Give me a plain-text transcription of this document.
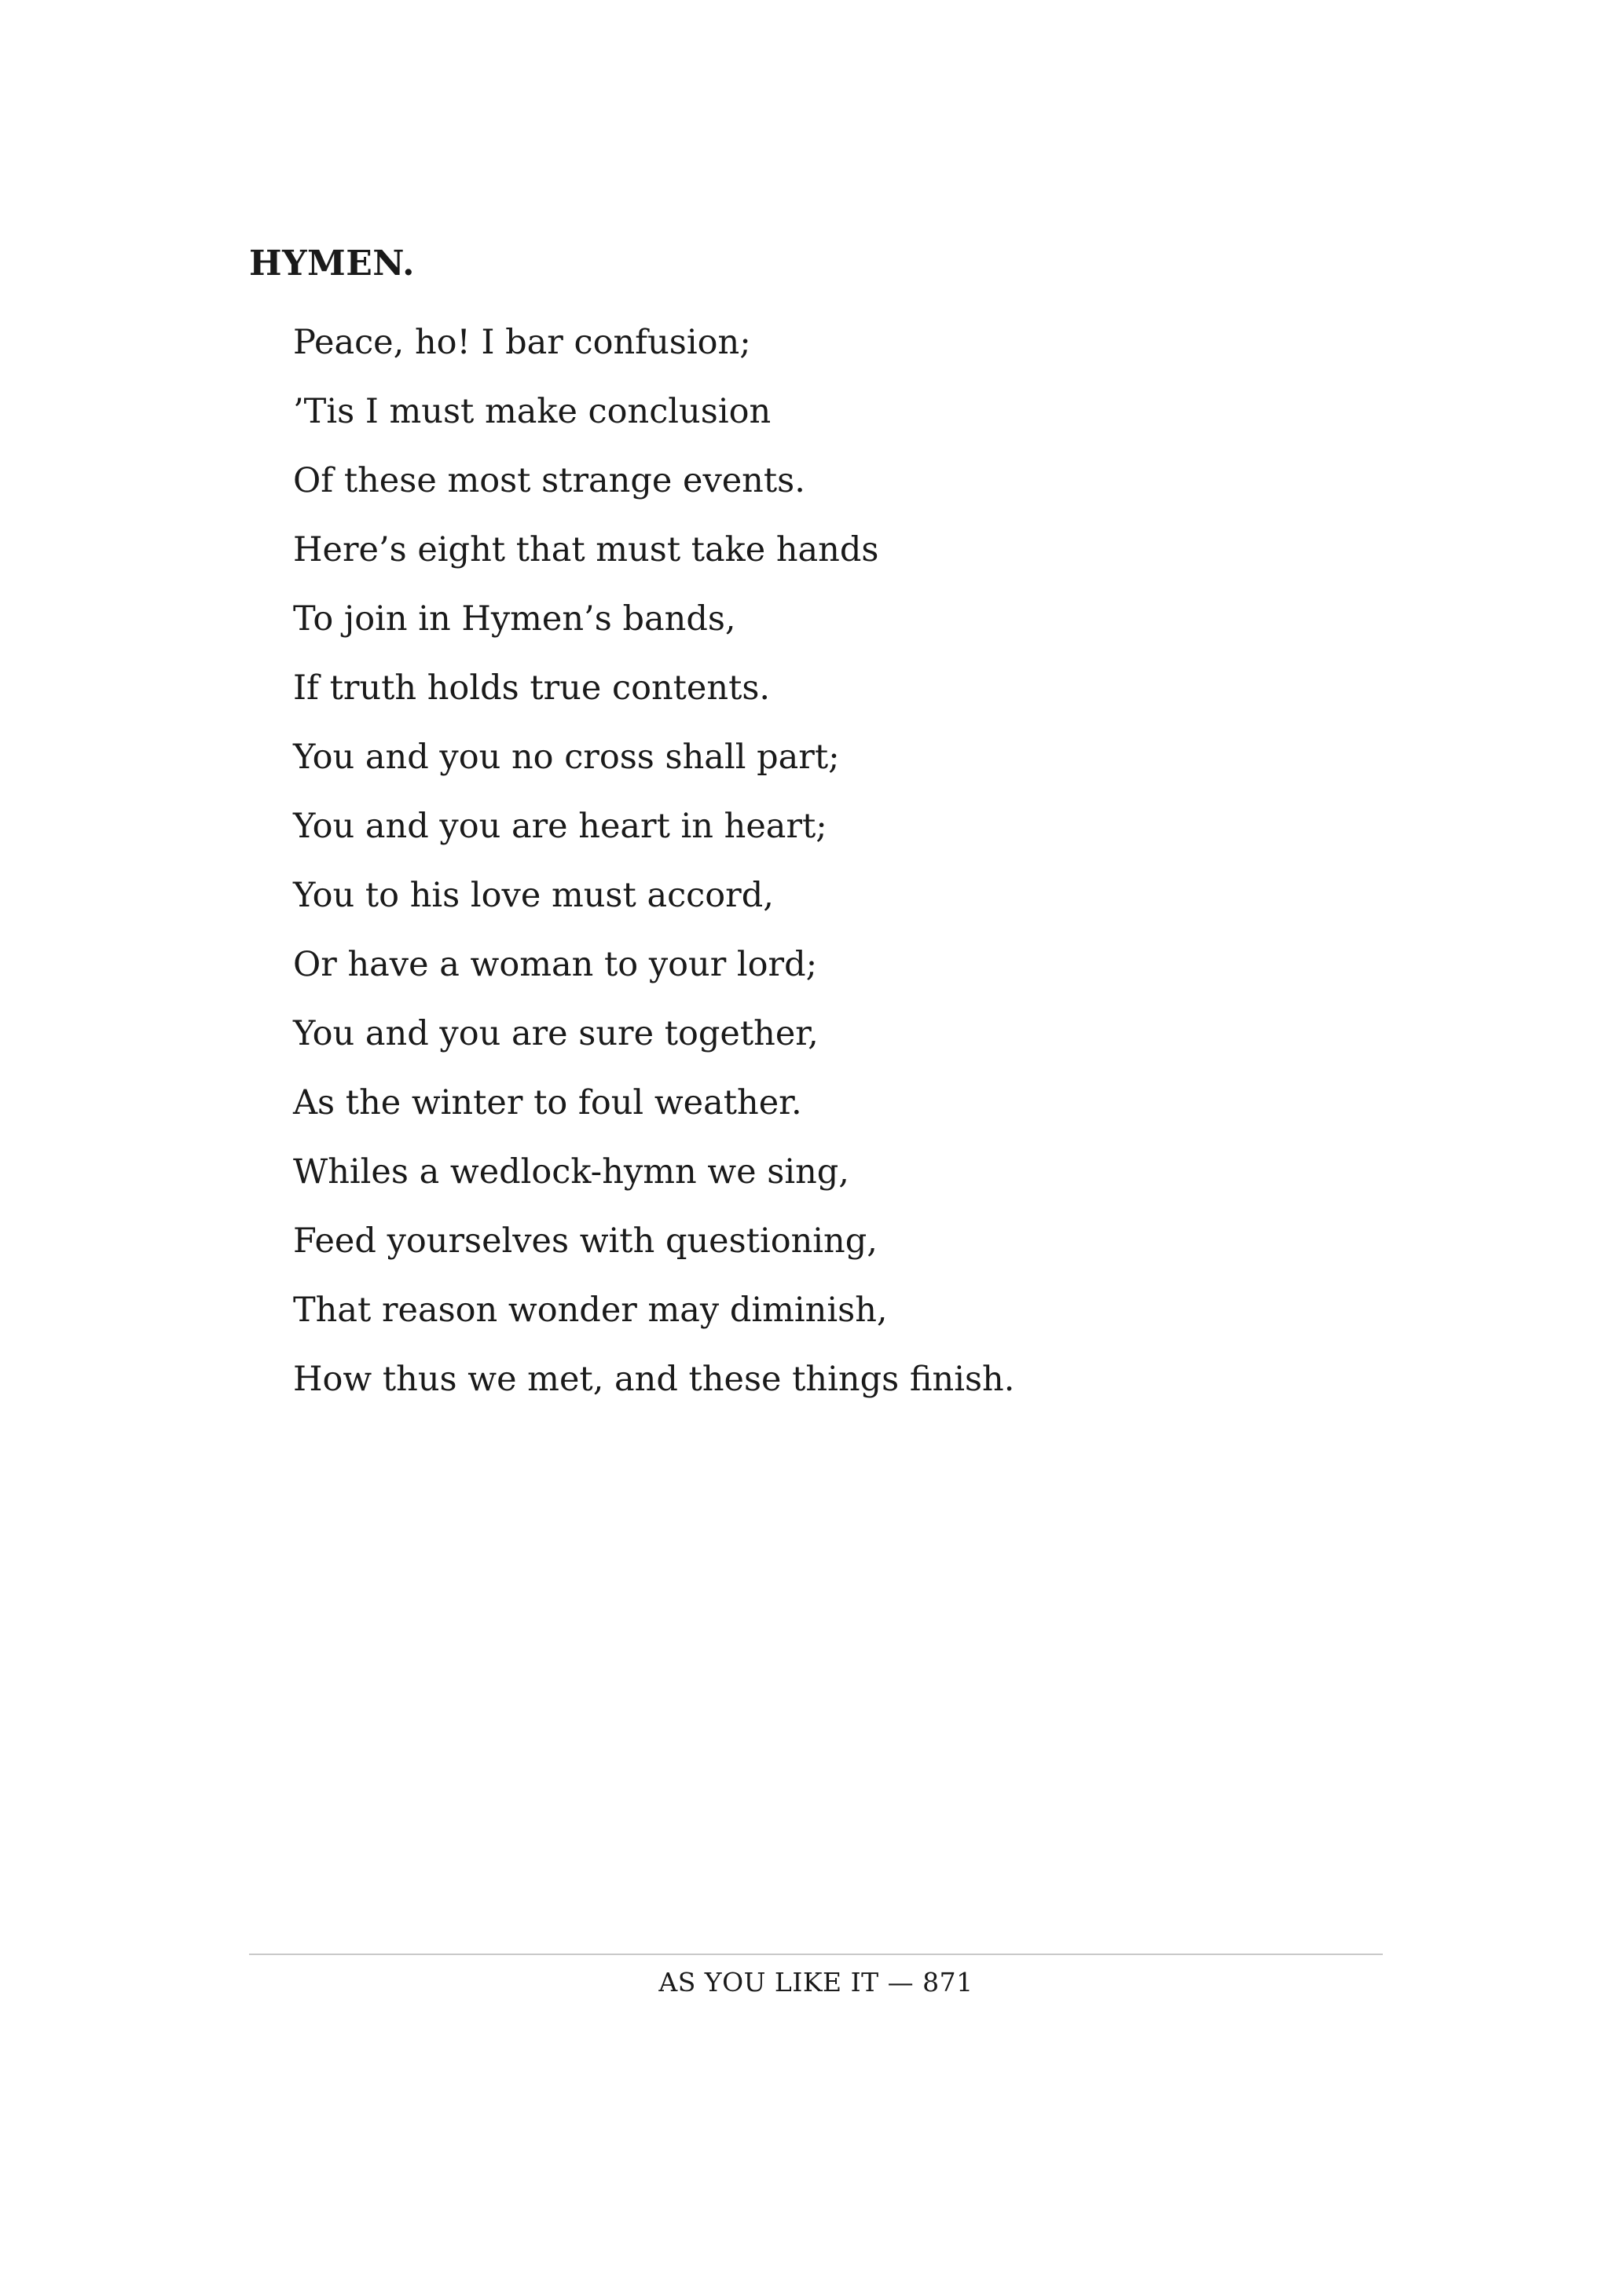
HYMEN.

Peace, ho! I bar confusion;
’Tis I must make conclusion
Of these most strange events.
Here’s eight that must take hands
To join in Hymen’s bands,
If truth holds true contents.
You and you no cross shall part;
You and you are heart in heart;
You to his love must accord,
Or have a woman to your lord;
You and you are sure together,
As the winter to foul weather.
Whiles a wedlock-hymn we sing,
Feed yourselves with questioning,
That reason wonder may diminish,
How thus we met, and these things finish.
AS YOU LIKE IT — 871
